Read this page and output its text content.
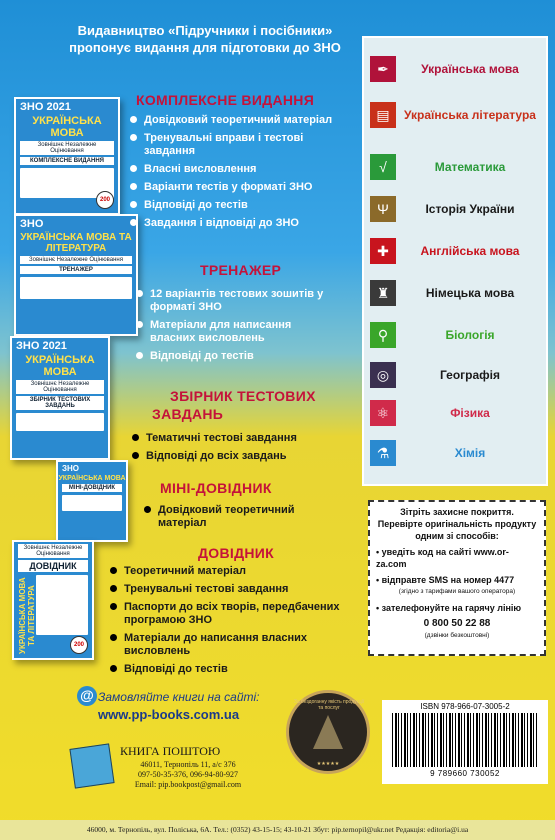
Видавництво «Підручники і посібники»
пропонує видання для підготовки до ЗНО
ЗНО 2021
УКРАЇНСЬКА МОВА
Зовнішнє Незалежне Оцінювання
КОМПЛЕКСНЕ ВИДАННЯ
200
ЗНО
УКРАЇНСЬКА МОВА ТА ЛІТЕРАТУРА
Зовнішнє Незалежне Оцінювання
ТРЕНАЖЕР
ЗНО 2021
УКРАЇНСЬКА МОВА
Зовнішнє Незалежне Оцінювання
ЗБІРНИК ТЕСТОВИХ ЗАВДАНЬ
ЗНО
УКРАЇНСЬКА МОВА
МІНІ-ДОВІДНИК
Зовнішнє Незалежне Оцінювання
ДОВІДНИК
УКРАЇНСЬКА МОВА ТА ЛІТЕРАТУРА	200
КОМПЛЕКСНЕ ВИДАННЯ
Довідковий теоретичний матеріал
Тренувальні вправи і тестові завдання
Власні висловлення
Варіанти тестів у форматі ЗНО
Відповіді до тестів
Завдання і відповіді до ЗНО
ТРЕНАЖЕР
12 варіантів тестових зошитів у форматі ЗНО
Матеріали для написання власних висловлень
Відповіді до тестів
ЗБІРНИК ТЕСТОВИХ
ЗАВДАНЬ
Тематичні тестові завдання
Відповіді до всіх завдань
МІНІ-ДОВІДНИК
Довідковий теоретичний матеріал
ДОВІДНИК
Теоретичний матеріал
Тренувальні тестові завдання
Паспорти до всіх творів, передбачених програмою ЗНО
Матеріали до написання власних висловлень
Відповіді до тестів
✒	Українська мова
▤	Українська література
√	Математика
Ψ	Історія України
✚	Англійська мова
♜	Німецька мова
⚲	Біологія
◎	Географія
⚛	Фізика
⚗	Хімія
Зітріть захисне покриття.
Перевірте оригінальність продукту
одним зі способів:
• уведіть код на сайті www.or-za.com
• відправте SMS на номер 4477
(згідно з тарифами вашого оператора)
• зателефонуйте на гарячу лінію
0 800 50 22 88
(дзвінки безкоштовні)
@ Замовляйте книги на сайті:
www.pp-books.com.ua
КНИГА ПОШТОЮ
46011, Тернопіль 11, а/с 376
097-50-35-376, 096-94-80-927
Email: pip.bookpost@gmail.com
За бездоганну якість продукції та послуг
★★★★★
ISBN 978-966-07-3005-2
9 789660 730052
46000, м. Тернопіль, вул. Поліська, 6А. Тел.: (0352) 43-15-15; 43-10-21 Збут: pip.ternopil@ukr.net Редакція: editoria@i.ua
